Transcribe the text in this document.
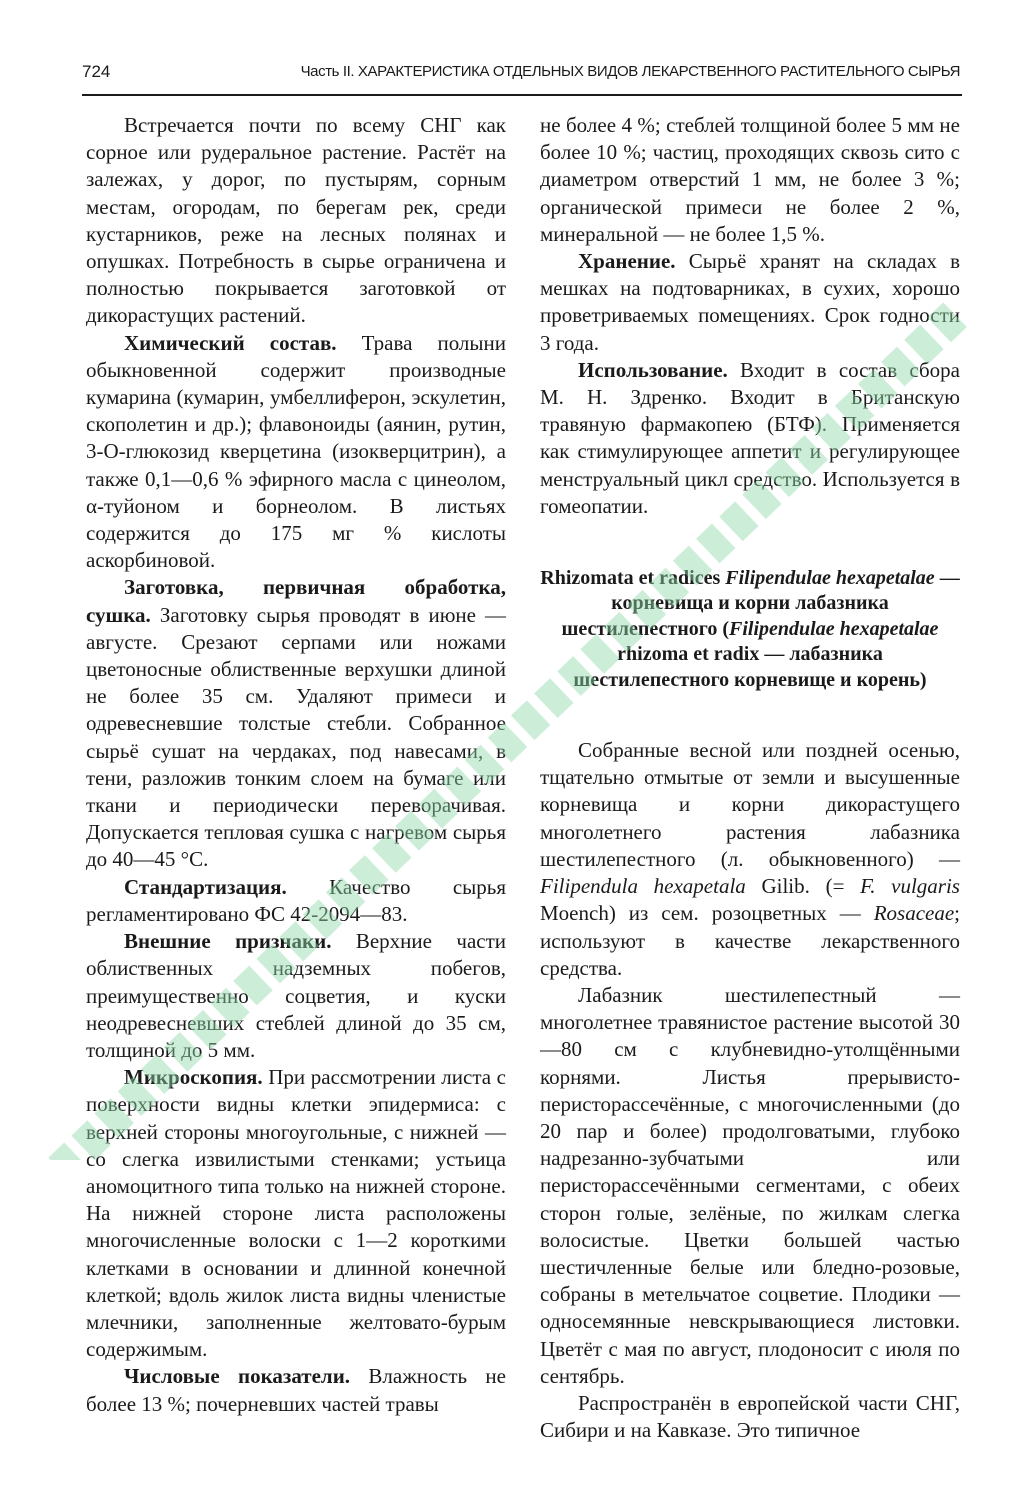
724	Часть II. ХАРАКТЕРИСТИКА ОТДЕЛЬНЫХ ВИДОВ ЛЕКАРСТВЕННОГО РАСТИТЕЛЬНОГО СЫРЬЯ

Встречается почти по всему СНГ как сорное или рудеральное растение. Растёт на залежах, у дорог, по пустырям, сорным местам, огородам, по берегам рек, среди кустарников, реже на лесных полянах и опушках. Потребность в сырье ограничена и полностью покрывается заготовкой от дикорастущих растений.

Химический состав. Трава полыни обыкновенной содержит производные кумарина (кумарин, умбеллиферон, эскулетин, скополетин и др.); флавоноиды (аянин, рутин, 3-О-глюкозид кверцетина (изокверцитрин), а также 0,1—0,6 % эфирного масла с цинеолом, α-туйоном и борнеолом. В листьях содержится до 175 мг % кислоты аскорбиновой.

Заготовка, первичная обработка, сушка. Заготовку сырья проводят в июне — августе. Срезают серпами или ножами цветоносные облиственные верхушки длиной не более 35 см. Удаляют примеси и одревесневшие толстые стебли. Собранное сырьё сушат на чердаках, под навесами, в тени, разложив тонким слоем на бумаге или ткани и периодически переворачивая. Допускается тепловая сушка с нагревом сырья до 40—45 °С.

Стандартизация. Качество сырья регламентировано ФС 42-2094—83.

Внешние признаки. Верхние части облиственных надземных побегов, преимущественно соцветия, и куски неодревесневших стеблей длиной до 35 см, толщиной до 5 мм.

Микроскопия. При рассмотрении листа с поверхности видны клетки эпидермиса: с верхней стороны многоугольные, с нижней — со слегка извилистыми стенками; устьица аномоцитного типа только на нижней стороне. На нижней стороне листа расположены многочисленные волоски с 1—2 короткими клетками в основании и длинной конечной клеткой; вдоль жилок листа видны членистые млечники, заполненные желтовато-бурым содержимым.

Числовые показатели. Влажность не более 13 %; почерневших частей травы

не более 4 %; стеблей толщиной более 5 мм не более 10 %; частиц, проходящих сквозь сито с диаметром отверстий 1 мм, не более 3 %; органической примеси не более 2 %, минеральной — не более 1,5 %.

Хранение. Сырьё хранят на складах в мешках на подтоварниках, в сухих, хорошо проветриваемых помещениях. Срок годности 3 года.

Использование. Входит в состав сбора М. Н. Здренко. Входит в Британскую травяную фармакопею (БТФ). Применяется как стимулирующее аппетит и регулирующее менструальный цикл средство. Используется в гомеопатии.

Rhizomata et radices Filipendulae hexapetalae — корневища и корни лабазника шестилепестного (Filipendulae hexapetalae rhizoma et radix — лабазника шестилепестного корневище и корень)

Собранные весной или поздней осенью, тщательно отмытые от земли и высушенные корневища и корни дикорастущего многолетнего растения лабазника шестилепестного (л. обыкновенного) — Filipendula hexapetala Gilib. (= F. vulgaris Moench) из сем. розоцветных — Rosaceae; используют в качестве лекарственного средства.

Лабазник шестилепестный — многолетнее травянистое растение высотой 30—80 см с клубневидно-утолщёнными корнями. Листья прерывисто-перисторассечённые, с многочисленными (до 20 пар и более) продолговатыми, глубоко надрезанно-зубчатыми или перисторассечёнными сегментами, с обеих сторон голые, зелёные, по жилкам слегка волосистые. Цветки большей частью шестичленные белые или бледно-розовые, собраны в метельчатое соцветие. Плодики — односемянные невскрывающиеся листовки. Цветёт с мая по август, плодоносит с июля по сентябрь.

Распространён в европейской части СНГ, Сибири и на Кавказе. Это типичное
